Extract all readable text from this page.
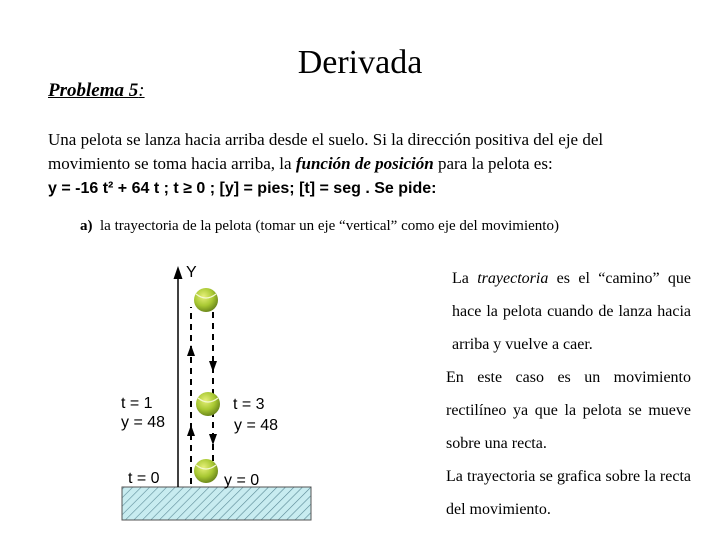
Derivada
Problema 5:
Una pelota se lanza hacia arriba desde el suelo. Si la dirección positiva del eje del
movimiento se toma hacia arriba, la función de posición para la pelota es:
y = -16 t² + 64 t ; t ≥ 0 ; [y] = pies; [t] = seg . Se pide:
a) la trayectoria de la pelota (tomar un eje “vertical” como eje del movimiento)
Y
t = 1
y = 48
t = 0
t = 3
y = 48
y = 0

La trayectoria es el “camino” que hace la pelota cuando de lanza hacia arriba y vuelve a caer.

En este caso es un movimiento rectilíneo ya que la pelota se mueve sobre una recta.

La trayectoria se grafica sobre la recta del movimiento.
